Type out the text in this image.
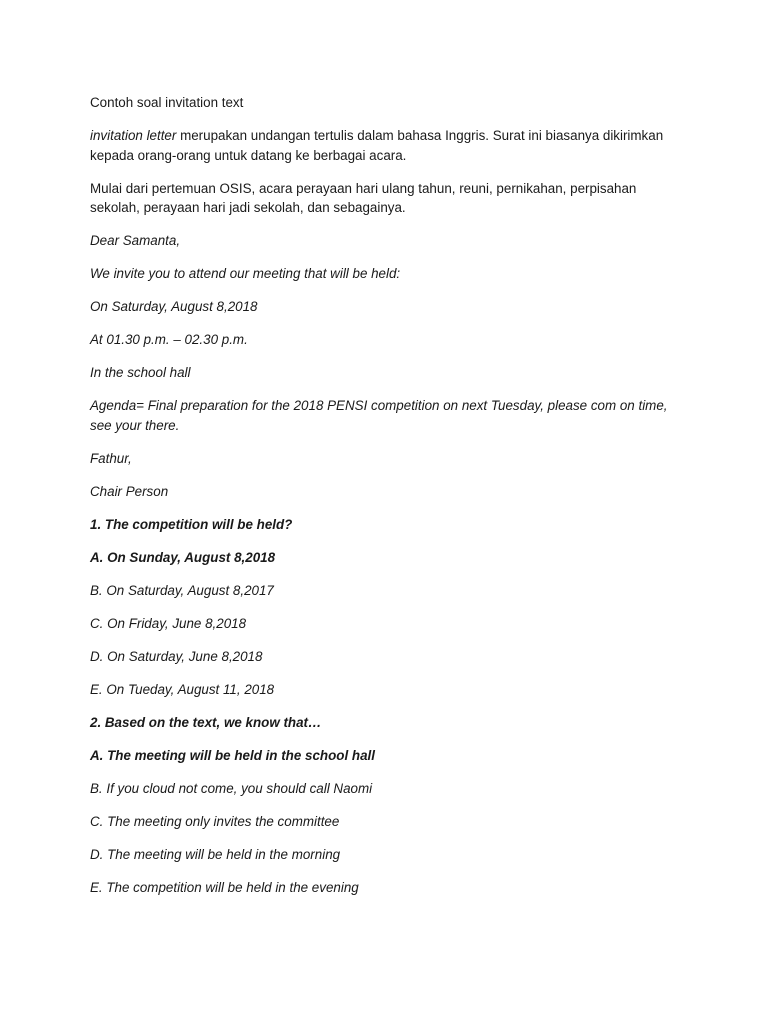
Contoh soal invitation text

invitation letter merupakan undangan tertulis dalam bahasa Inggris. Surat ini biasanya dikirimkan kepada orang-orang untuk datang ke berbagai acara.

Mulai dari pertemuan OSIS, acara perayaan hari ulang tahun, reuni, pernikahan, perpisahan sekolah, perayaan hari jadi sekolah, dan sebagainya.

Dear Samanta,

We invite you to attend our meeting that will be held:

On Saturday, August 8,2018

At 01.30 p.m. – 02.30 p.m.

In the school hall

Agenda= Final preparation for the 2018 PENSI competition on next Tuesday, please com on time, see your there.

Fathur,

Chair Person

1. The competition will be held?

A. On Sunday, August 8,2018

B. On Saturday, August 8,2017

C. On Friday, June 8,2018

D. On Saturday, June 8,2018

E. On Tueday, August 11, 2018

2. Based on the text, we know that…

A. The meeting will be held in the school hall

B. If you cloud not come, you should call Naomi

C. The meeting only invites the committee

D. The meeting will be held in the morning

E. The competition will be held in the evening
